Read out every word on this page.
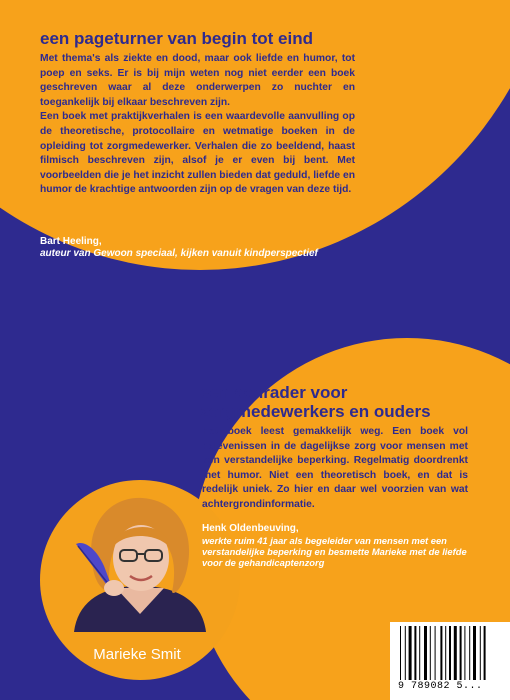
een pageturner van begin tot eind

Met thema's als ziekte en dood, maar ook liefde en humor, tot poep en seks. Er is bij mijn weten nog niet eerder een boek geschreven waar al deze onderwerpen zo nuchter en toegankelijk bij elkaar beschreven zijn.

Een boek met praktijkverhalen is een waardevolle aanvulling op de theoretische, protocollaire en wetmatige boeken in de opleiding tot zorgmedewerker. Verhalen die zo beeldend, haast filmisch beschreven zijn, alsof je er even bij bent. Met voorbeelden die je het inzicht zullen bieden dat geduld, liefde en humor de krachtige antwoorden zijn op de vragen van deze tijd.

Bart Heeling,
auteur van Gewoon speciaal, kijken vanuit kindperspectief
een aanrader voor
zorgmedewerkers en ouders

Het boek leest gemakkelijk weg. Een boek vol belevenissen in de dagelijkse zorg voor mensen met een verstandelijke beperking. Regelmatig doordrenkt met humor. Niet een theoretisch boek, en dat is redelijk uniek. Zo hier en daar wel voorzien van wat achtergrondinformatie.

Henk Oldenbeuving,
werkte ruim 41 jaar als begeleider van mensen met een verstandelijke beperking en besmette Marieke met de liefde voor de gehandicaptenzorg
Marieke Smit
9 789082 5...
